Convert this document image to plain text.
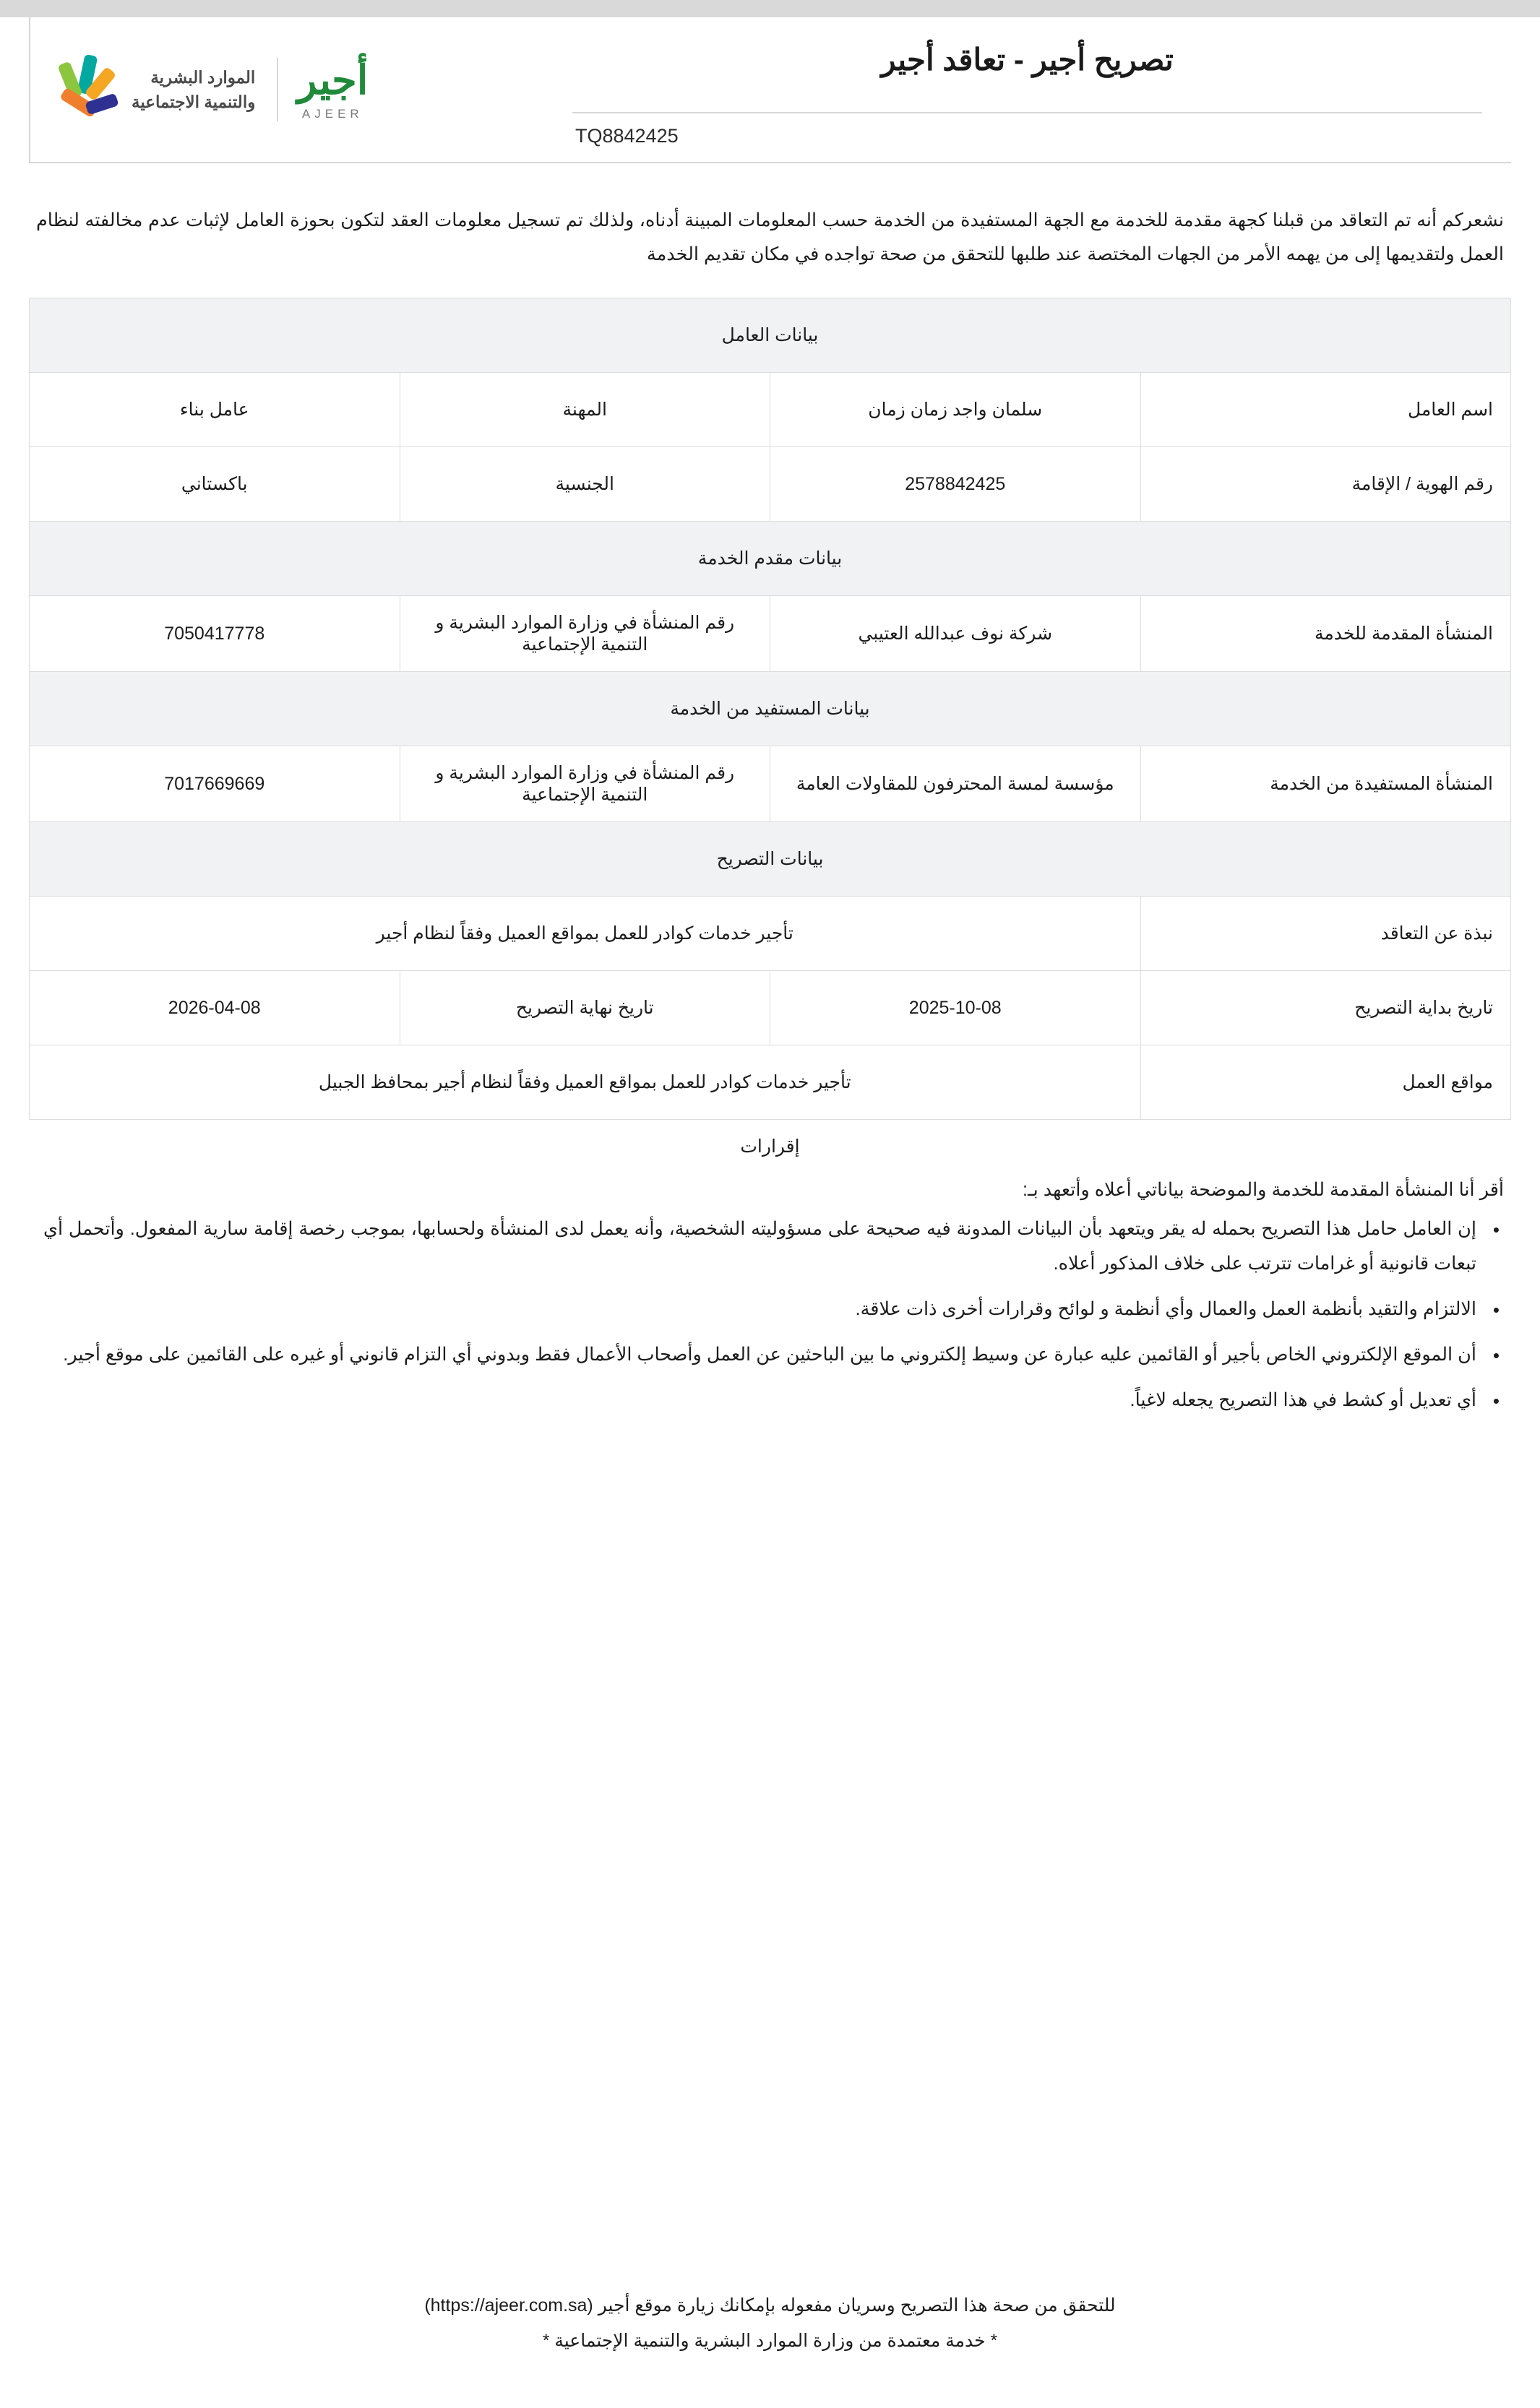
الموارد البشرية
والتنمية الاجتماعية أجير
AJEER
تصريح أجير - تعاقد أجير
TQ8842425
نشعركم أنه تم التعاقد من قبلنا كجهة مقدمة للخدمة مع الجهة المستفيدة من الخدمة حسب المعلومات المبينة أدناه، ولذلك تم تسجيل معلومات العقد لتكون بحوزة العامل لإثبات عدم مخالفته لنظام العمل ولتقديمها إلى من يهمه الأمر من الجهات المختصة عند طلبها للتحقق من صحة تواجده في مكان تقديم الخدمة
بيانات العامل			
اسم العامل	سلمان واجد زمان زمان	المهنة	عامل بناء
رقم الهوية / الإقامة	2578842425	الجنسية	باكستاني
بيانات مقدم الخدمة			
المنشأة المقدمة للخدمة	شركة نوف عبدالله العتيبي	رقم المنشأة في وزارة الموارد البشرية و التنمية الإجتماعية	7050417778
بيانات المستفيد من الخدمة			
المنشأة المستفيدة من الخدمة	مؤسسة لمسة المحترفون للمقاولات العامة	رقم المنشأة في وزارة الموارد البشرية و التنمية الإجتماعية	7017669669
بيانات التصريح			
نبذة عن التعاقد	تأجير خدمات كوادر للعمل بمواقع العميل وفقاً لنظام أجير		
تاريخ بداية التصريح	2025-10-08	تاريخ نهاية التصريح	2026-04-08
مواقع العمل	تأجير خدمات كوادر للعمل بمواقع العميل وفقاً لنظام أجير بمحافظ الجبيل		
إقرارات
أقر أنا المنشأة المقدمة للخدمة والموضحة بياناتي أعلاه وأتعهد بـ:
• إن العامل حامل هذا التصريح بحمله له يقر ويتعهد بأن البيانات المدونة فيه صحيحة على مسؤوليته الشخصية، وأنه يعمل لدى المنشأة ولحسابها، بموجب رخصة إقامة سارية المفعول. وأتحمل أي تبعات قانونية أو غرامات تترتب على خلاف المذكور أعلاه.
• الالتزام والتقيد بأنظمة العمل والعمال وأي أنظمة و لوائح وقرارات أخرى ذات علاقة.
• أن الموقع الإلكتروني الخاص بأجير أو القائمين عليه عبارة عن وسيط إلكتروني ما بين الباحثين عن العمل وأصحاب الأعمال فقط وبدوني أي التزام قانوني أو غيره على القائمين على موقع أجير.
• أي تعديل أو كشط في هذا التصريح يجعله لاغياً.
للتحقق من صحة هذا التصريح وسريان مفعوله بإمكانك زيارة موقع أجير (https://ajeer.com.sa)
* خدمة معتمدة من وزارة الموارد البشرية والتنمية الإجتماعية *
